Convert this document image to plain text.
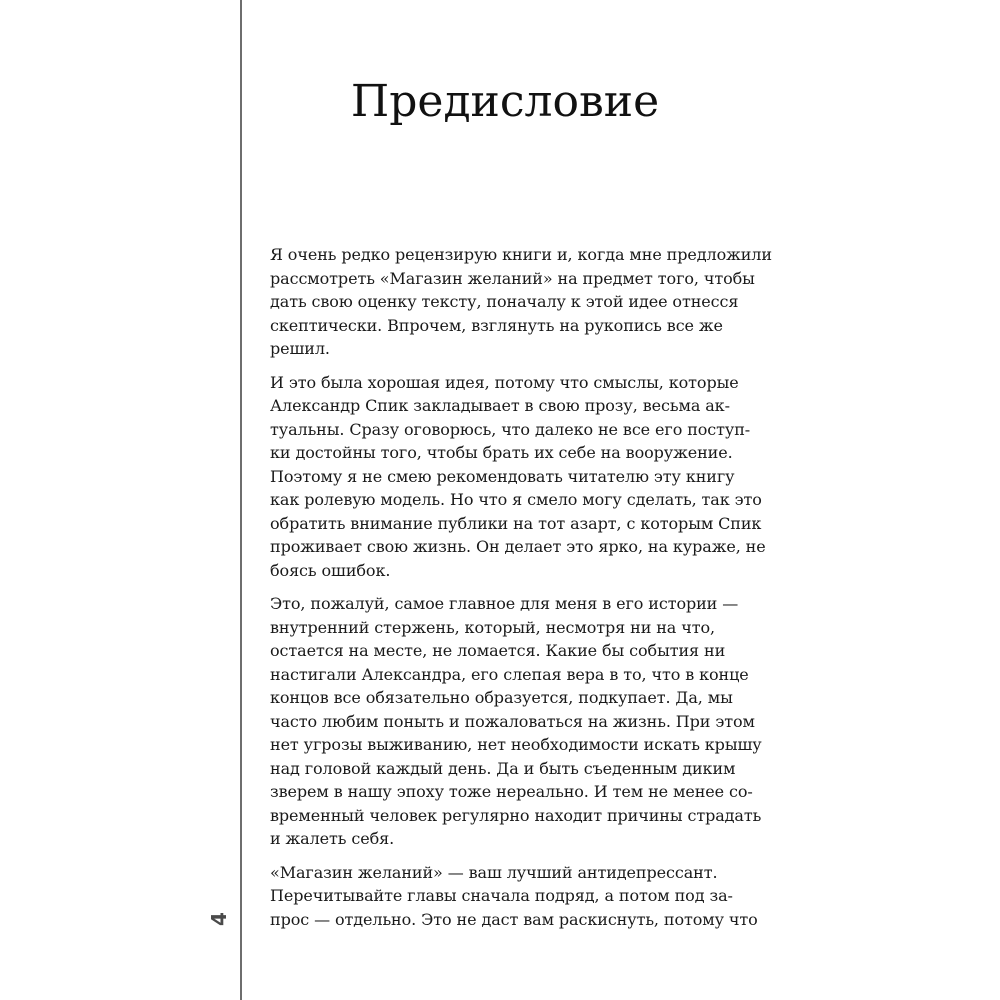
4
Предисловие
Я очень редко рецензирую книги и, когда мне предложили
рассмотреть «Магазин желаний» на предмет того, чтобы
дать свою оценку тексту, поначалу к этой идее отнесся
скептически. Впрочем, взглянуть на рукопись все же
решил.
И это была хорошая идея, потому что смыслы, которые
Александр Спик закладывает в свою прозу, весьма ак-
туальны. Сразу оговорюсь, что далеко не все его поступ-
ки достойны того, чтобы брать их себе на вооружение.
Поэтому я не смею рекомендовать читателю эту книгу
как ролевую модель. Но что я смело могу сделать, так это
обратить внимание публики на тот азарт, с которым Спик
проживает свою жизнь. Он делает это ярко, на кураже, не
боясь ошибок.
Это, пожалуй, самое главное для меня в его истории —
внутренний стержень, который, несмотря ни на что,
остается на месте, не ломается. Какие бы события ни
настигали Александра, его слепая вера в то, что в конце
концов все обязательно образуется, подкупает. Да, мы
часто любим поныть и пожаловаться на жизнь. При этом
нет угрозы выживанию, нет необходимости искать крышу
над головой каждый день. Да и быть съеденным диким
зверем в нашу эпоху тоже нереально. И тем не менее со-
временный человек регулярно находит причины страдать
и жалеть себя.
«Магазин желаний» — ваш лучший антидепрессант.
Перечитывайте главы сначала подряд, а потом под за-
прос — отдельно. Это не даст вам раскиснуть, потому что
